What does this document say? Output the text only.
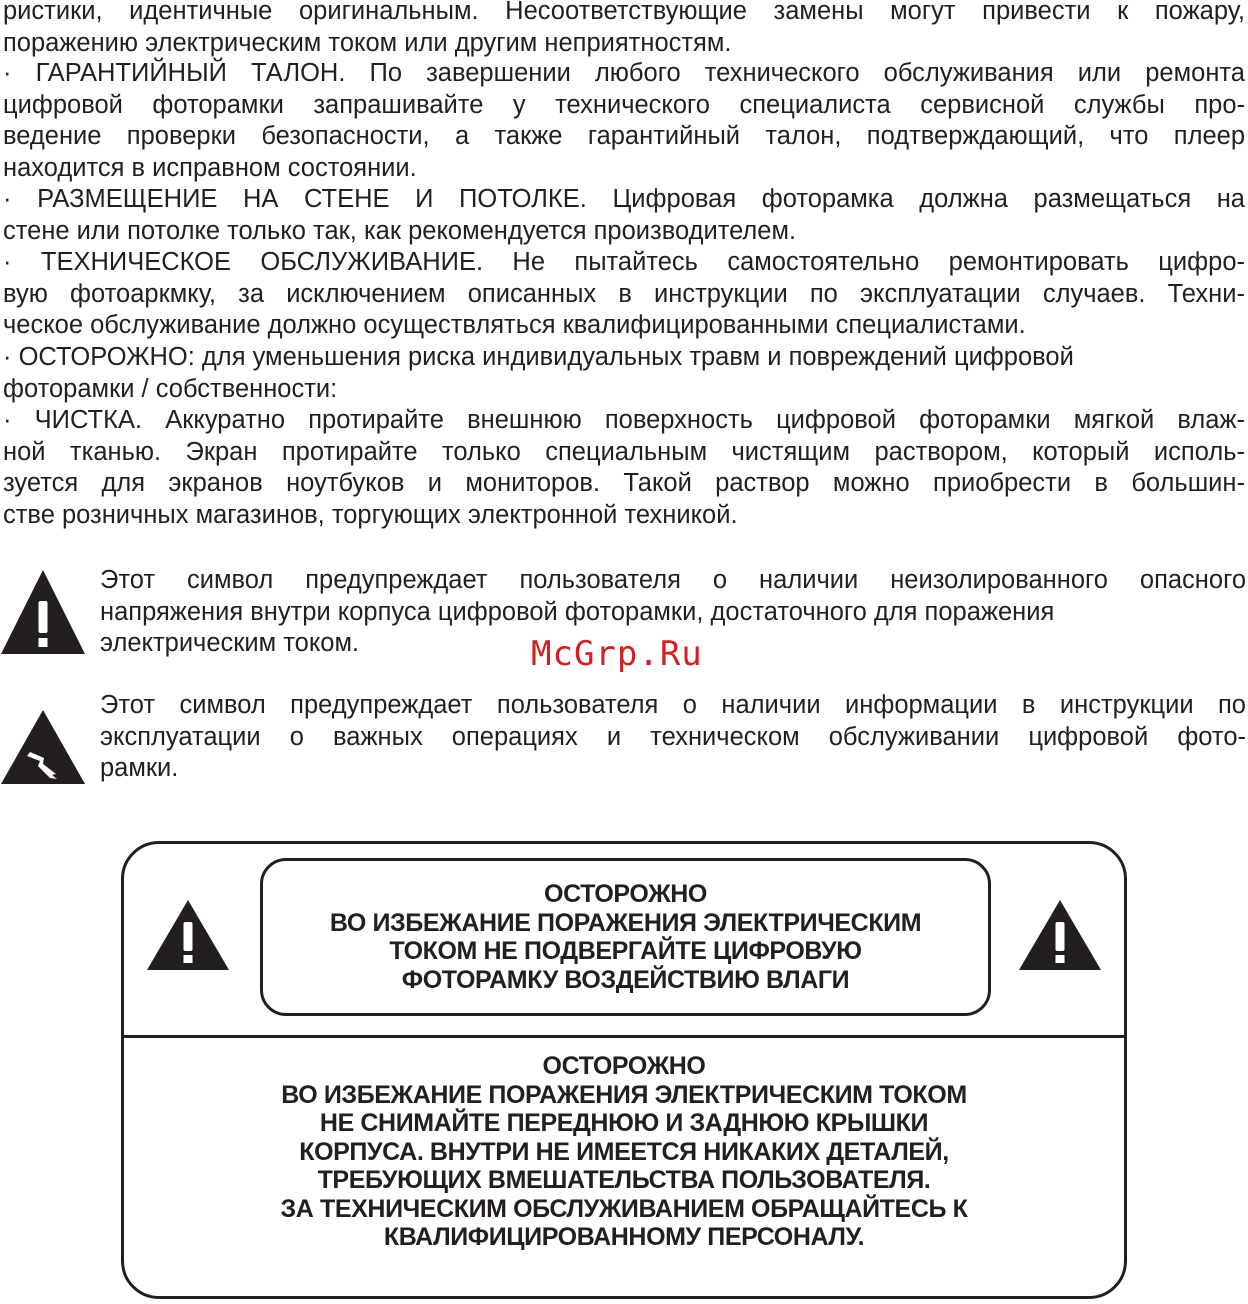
ристики, идентичные оригинальным. Несоответствующие замены могут привести к пожару,
поражению электрическим током или другим неприятностям.
· ГАРАНТИЙНЫЙ ТАЛОН. По завершении любого технического обслуживания или ремонта
цифровой фоторамки запрашивайте у технического специалиста сервисной службы про-
ведение проверки безопасности, а также гарантийный талон, подтверждающий, что плеер
находится в исправном состоянии.
· РАЗМЕЩЕНИЕ НА СТЕНЕ И ПОТОЛКЕ. Цифровая фоторамка должна размещаться на
стене или потолке только так, как рекомендуется производителем.
· ТЕХНИЧЕСКОЕ ОБСЛУЖИВАНИЕ. Не пытайтесь самостоятельно ремонтировать цифро-
вую фотоаркмку, за исключением описанных в инструкции по эксплуатации случаев. Техни-
ческое обслуживание должно осуществляться квалифицированными специалистами.
· ОСТОРОЖНО: для уменьшения риска индивидуальных травм и повреждений цифровой
фоторамки / собственности:
· ЧИСТКА. Аккуратно протирайте внешнюю поверхность цифровой фоторамки мягкой влаж-
ной тканью. Экран протирайте только специальным чистящим раствором, который исполь-
зуется для экранов ноутбуков и мониторов. Такой раствор можно приобрести в большин-
стве розничных магазинов, торгующих электронной техникой.
Этот символ предупреждает пользователя о наличии неизолированного опасного
напряжения внутри корпуса цифровой фоторамки, достаточного для поражения
электрическим током.	McGrp.Ru
Этот символ предупреждает пользователя о наличии информации в инструкции по
эксплуатации о важных операциях и техническом обслуживании цифровой фото-
рамки.
ОСТОРОЖНО
ВО ИЗБЕЖАНИЕ ПОРАЖЕНИЯ ЭЛЕКТРИЧЕСКИМ
ТОКОМ НЕ ПОДВЕРГАЙТЕ ЦИФРОВУЮ
ФОТОРАМКУ ВОЗДЕЙСТВИЮ ВЛАГИ
ОСТОРОЖНО
ВО ИЗБЕЖАНИЕ ПОРАЖЕНИЯ ЭЛЕКТРИЧЕСКИМ ТОКОМ
НЕ СНИМАЙТЕ ПЕРЕДНЮЮ И ЗАДНЮЮ КРЫШКИ
КОРПУСА. ВНУТРИ НЕ ИМЕЕТСЯ НИКАКИХ ДЕТАЛЕЙ,
ТРЕБУЮЩИХ ВМЕШАТЕЛЬСТВА ПОЛЬЗОВАТЕЛЯ.
ЗА ТЕХНИЧЕСКИМ ОБСЛУЖИВАНИЕМ ОБРАЩАЙТЕСЬ К
КВАЛИФИЦИРОВАННОМУ ПЕРСОНАЛУ.
